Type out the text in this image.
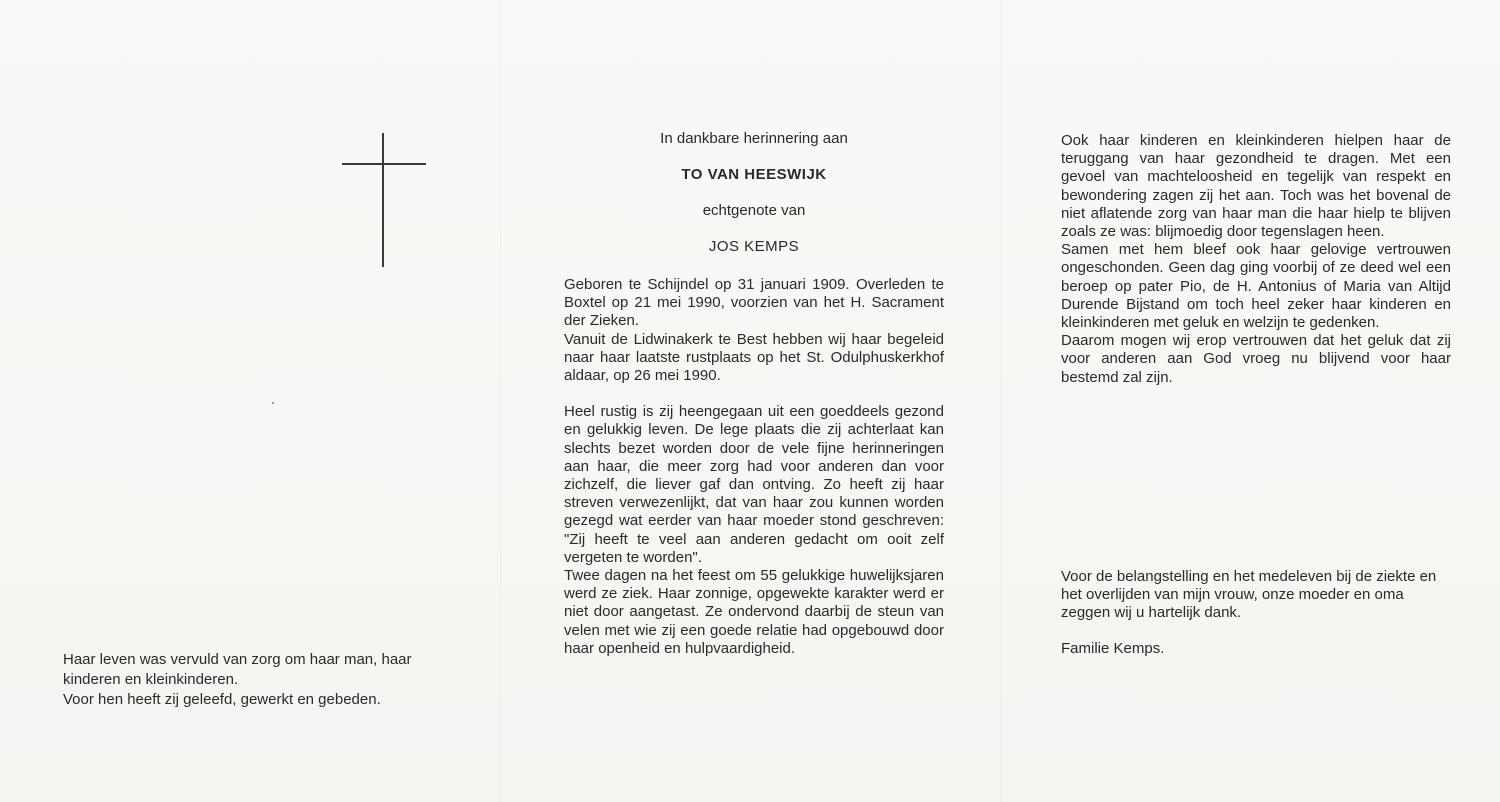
Haar leven was vervuld van zorg om haar man, haar

kinderen en kleinkinderen.

Voor hen heeft zij geleefd, gewerkt en gebeden.

In dankbare herinnering aan
TO VAN HEESWIJK
echtgenote van
JOS KEMPS

Geboren te Schijndel op 31 januari 1909. Overleden te Boxtel op 21 mei 1990, voorzien van het H. Sacrament der Zieken.

Vanuit de Lidwinakerk te Best hebben wij haar begeleid naar haar laatste rustplaats op het St. Odulphuskerkhof aldaar, op 26 mei 1990.

Heel rustig is zij heengegaan uit een goeddeels gezond en gelukkig leven. De lege plaats die zij achterlaat kan slechts bezet worden door de vele fijne herinneringen aan haar, die meer zorg had voor anderen dan voor zichzelf, die liever gaf dan ontving. Zo heeft zij haar streven verwezenlijkt, dat van haar zou kunnen worden gezegd wat eerder van haar moeder stond geschreven: "Zij heeft te veel aan anderen gedacht om ooit zelf vergeten te worden".

Twee dagen na het feest om 55 gelukkige huwelijksjaren werd ze ziek. Haar zonnige, opgewekte karakter werd er niet door aangetast. Ze ondervond daarbij de steun van velen met wie zij een goede relatie had opgebouwd door haar openheid en hulpvaardigheid.

Ook haar kinderen en kleinkinderen hielpen haar de teruggang van haar gezondheid te dragen. Met een gevoel van machteloosheid en tegelijk van respekt en bewondering zagen zij het aan. Toch was het bovenal de niet aflatende zorg van haar man die haar hielp te blijven zoals ze was: blijmoedig door tegenslagen heen.

Samen met hem bleef ook haar gelovige vertrouwen ongeschonden. Geen dag ging voorbij of ze deed wel een beroep op pater Pio, de H. Antonius of Maria van Altijd Durende Bijstand om toch heel zeker haar kinderen en kleinkinderen met geluk en welzijn te gedenken.

Daarom mogen wij erop vertrouwen dat het geluk dat zij voor anderen aan God vroeg nu blijvend voor haar bestemd zal zijn.

Voor de belangstelling en het medeleven bij de ziekte en het overlijden van mijn vrouw, onze moeder en oma zeggen wij u hartelijk dank.

Familie Kemps.
